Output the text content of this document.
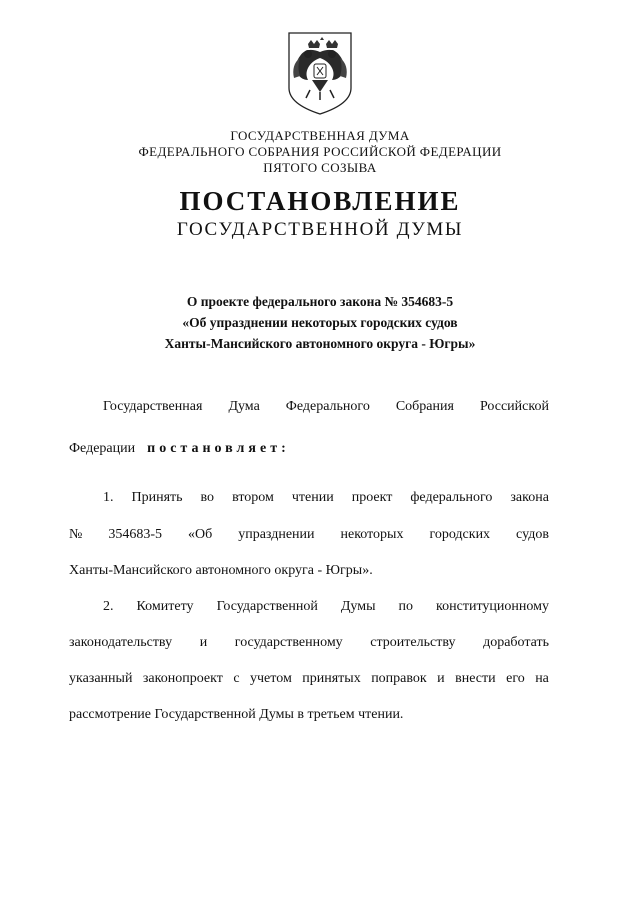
ГОСУДАРСТВЕННАЯ ДУМА
ФЕДЕРАЛЬНОГО СОБРАНИЯ РОССИЙСКОЙ ФЕДЕРАЦИИ
ПЯТОГО СОЗЫВА
ПОСТАНОВЛЕНИЕ
ГОСУДАРСТВЕННОЙ ДУМЫ
О проекте федерального закона № 354683-5
«Об упразднении некоторых городских судов
Ханты-Мансийского автономного округа - Югры»
Государственная Дума Федерального Собрания Российской
Федерации постановляет:
1. Принять во втором чтении проект федерального закона
№ 354683-5 «Об упразднении некоторых городских судов
Ханты-Мансийского автономного округа - Югры».
2. Комитету Государственной Думы по конституционному
законодательству и государственному строительству доработать
указанный законопроект с учетом принятых поправок и внести его на
рассмотрение Государственной Думы в третьем чтении.
